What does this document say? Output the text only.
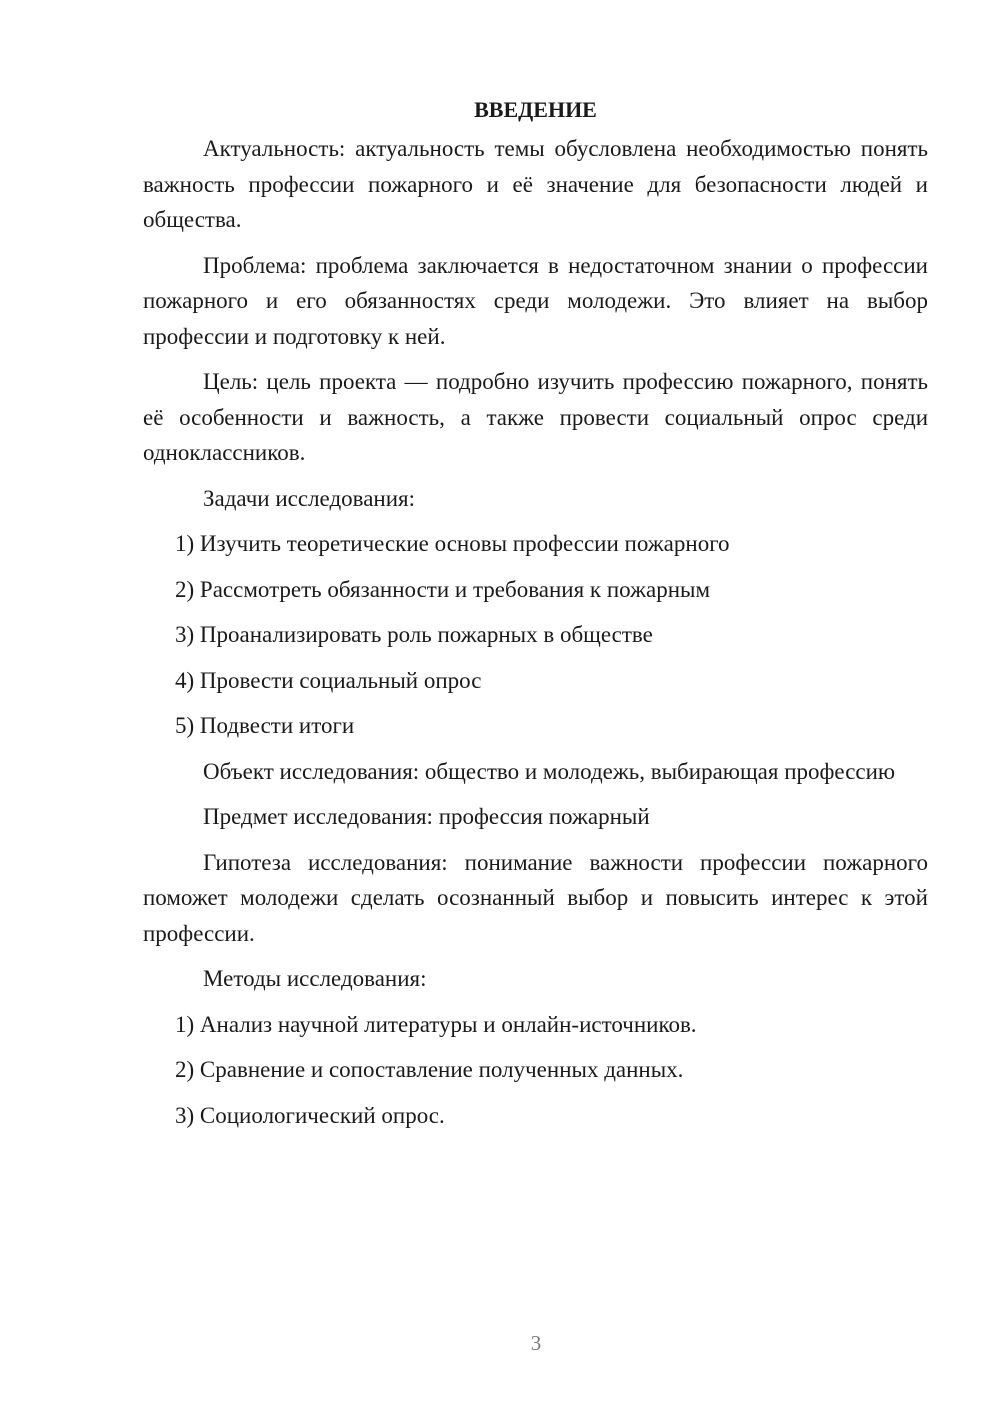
ВВЕДЕНИЕ

Актуальность: актуальность темы обусловлена необходимостью понять важность профессии пожарного и её значение для безопасности людей и общества.

Проблема: проблема заключается в недостаточном знании о профессии пожарного и его обязанностях среди молодежи. Это влияет на выбор профессии и подготовку к ней.

Цель: цель проекта — подробно изучить профессию пожарного, понять её особенности и важность, а также провести социальный опрос среди одноклассников.

Задачи исследования:

1) Изучить теоретические основы профессии пожарного
2) Рассмотреть обязанности и требования к пожарным
3) Проанализировать роль пожарных в обществе
4) Провести социальный опрос
5) Подвести итоги

Объект исследования: общество и молодежь, выбирающая профессию

Предмет исследования: профессия пожарный

Гипотеза исследования: понимание важности профессии пожарного поможет молодежи сделать осознанный выбор и повысить интерес к этой профессии.

Методы исследования:

1) Анализ научной литературы и онлайн-источников.
2) Сравнение и сопоставление полученных данных.
3) Социологический опрос.
3
